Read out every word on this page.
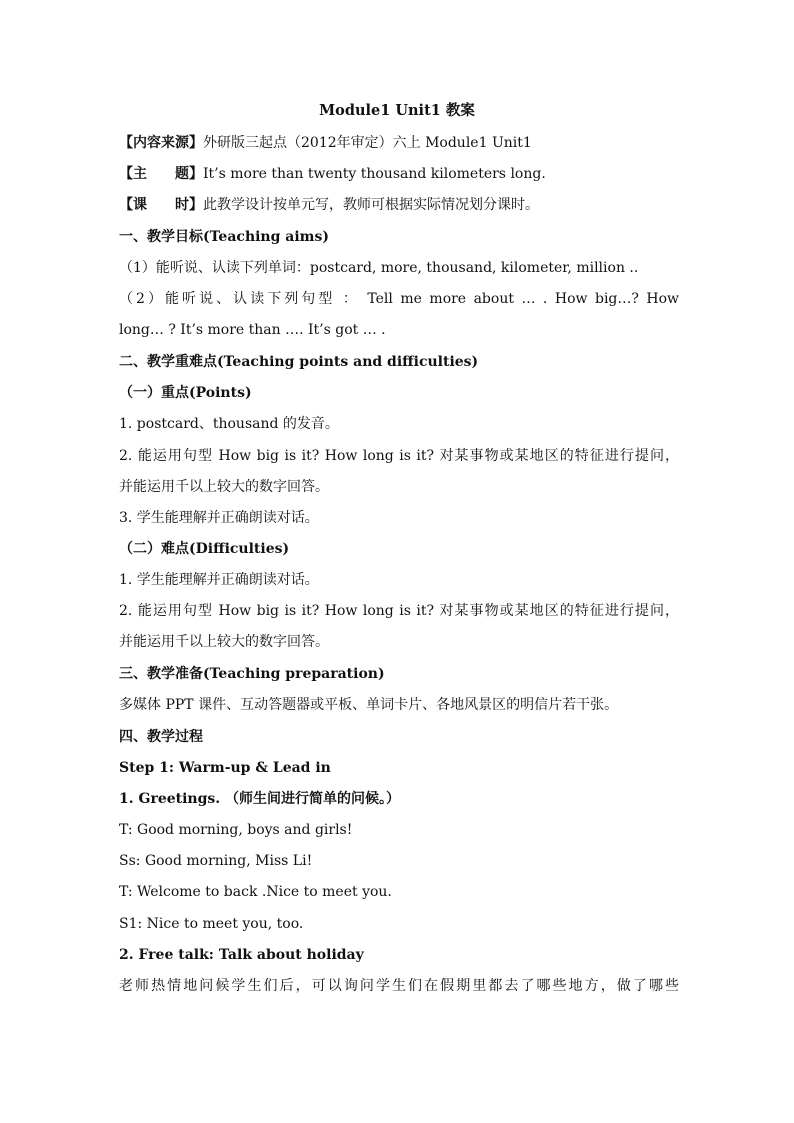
Module1 Unit1 教案
【内容来源】外研版三起点（2012年审定）六上 Module1 Unit1
【主　　题】It’s more than twenty thousand kilometers long.
【课　　时】此教学设计按单元写，教师可根据实际情况划分课时。
一、教学目标(Teaching aims)
（1）能听说、认读下列单词：postcard, more, thousand, kilometer, million ..
（2）能听说、认读下列句型 ： Tell me more about … . How big…? How
long… ? It’s more than …. It’s got … .
二、教学重难点(Teaching points and difficulties)
（一）重点(Points)
1. postcard、thousand 的发音。
2. 能运用句型 How big is it? How long is it? 对某事物或某地区的特征进行提问，
并能运用千以上较大的数字回答。
3. 学生能理解并正确朗读对话。
（二）难点(Difficulties)
1. 学生能理解并正确朗读对话。
2. 能运用句型 How big is it? How long is it? 对某事物或某地区的特征进行提问，
并能运用千以上较大的数字回答。
三、教学准备(Teaching preparation)
多媒体 PPT 课件、互动答题器或平板、单词卡片、各地风景区的明信片若干张。
四、教学过程
Step 1: Warm-up & Lead in
1. Greetings. （师生间进行简单的问候。）
T: Good morning, boys and girls!
Ss: Good morning, Miss Li!
T: Welcome to back .Nice to meet you.
S1: Nice to meet you, too.
2. Free talk: Talk about holiday
老师热情地问候学生们后，可以询问学生们在假期里都去了哪些地方，做了哪些
